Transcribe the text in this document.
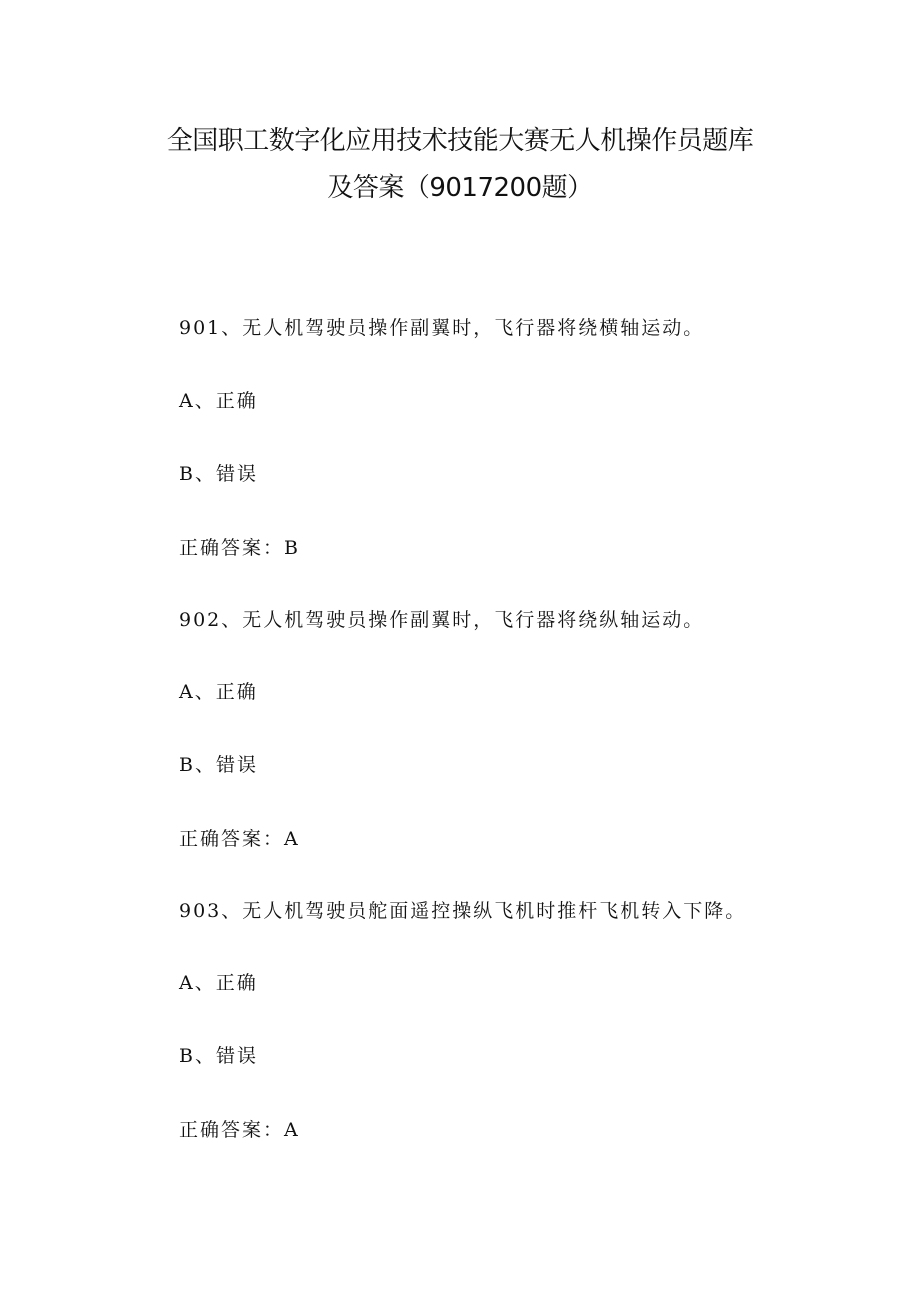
全国职工数字化应用技术技能大赛无人机操作员题库
及答案（9017200题）
901、无人机驾驶员操作副翼时，飞行器将绕横轴运动。
A、正确
B、错误
正确答案：B
902、无人机驾驶员操作副翼时，飞行器将绕纵轴运动。
A、正确
B、错误
正确答案：A
903、无人机驾驶员舵面遥控操纵飞机时推杆飞机转入下降。
A、正确
B、错误
正确答案：A
